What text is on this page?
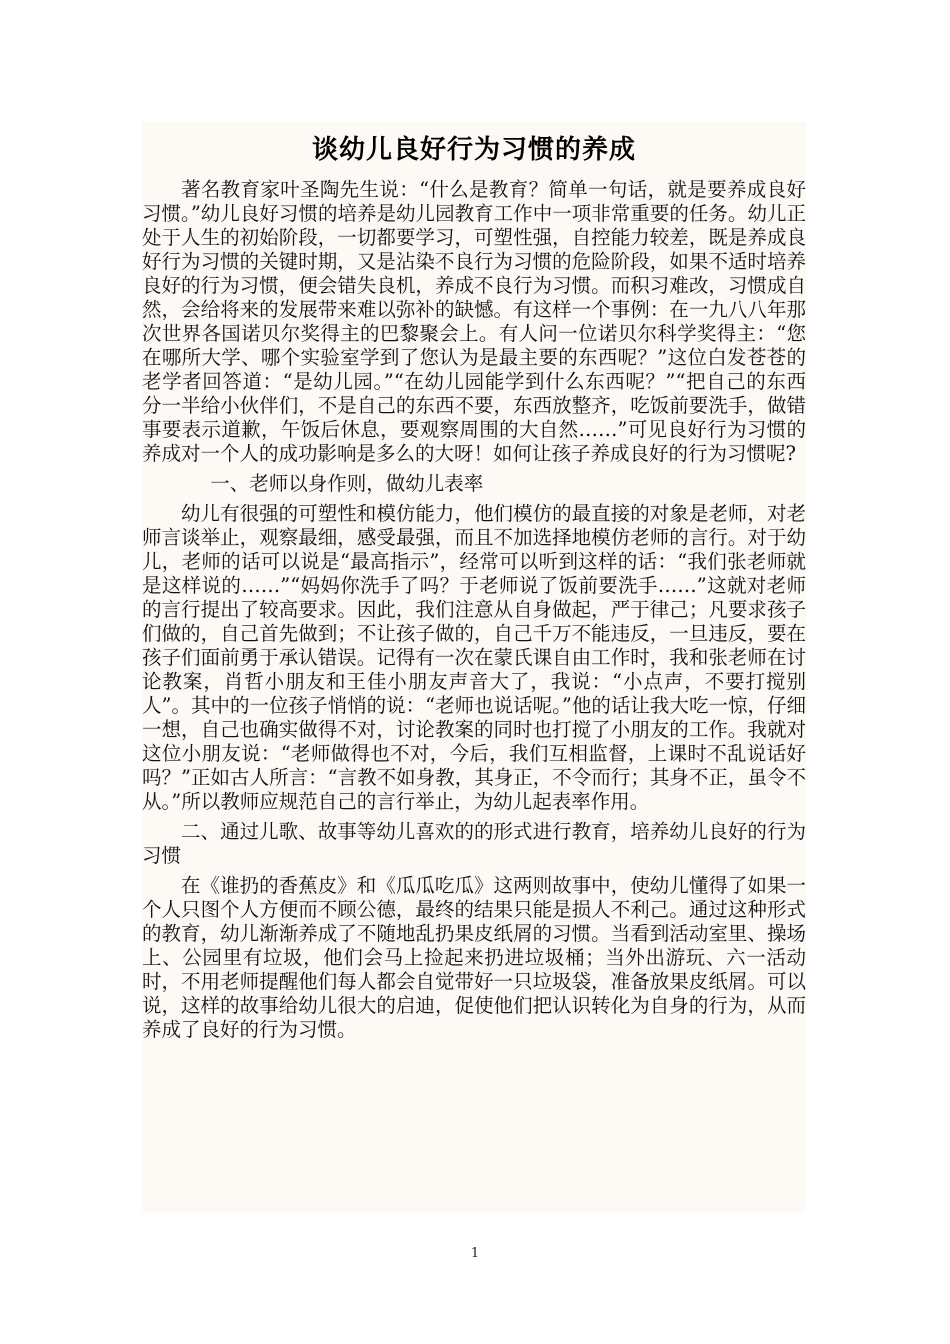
谈幼儿良好行为习惯的养成

著名教育家叶圣陶先生说：“什么是教育？简单一句话，就是要养成良好习惯。”幼儿良好习惯的培养是幼儿园教育工作中一项非常重要的任务。幼儿正处于人生的初始阶段，一切都要学习，可塑性强，自控能力较差，既是养成良好行为习惯的关键时期，又是沾染不良行为习惯的危险阶段，如果不适时培养良好的行为习惯，便会错失良机，养成不良行为习惯。而积习难改，习惯成自然，会给将来的发展带来难以弥补的缺憾。有这样一个事例：在一九八八年那次世界各国诺贝尔奖得主的巴黎聚会上。有人问一位诺贝尔科学奖得主：“您在哪所大学、哪个实验室学到了您认为是最主要的东西呢？”这位白发苍苍的老学者回答道：“是幼儿园。”“在幼儿园能学到什么东西呢？”“把自己的东西分一半给小伙伴们，不是自己的东西不要，东西放整齐，吃饭前要洗手，做错事要表示道歉，午饭后休息，要观察周围的大自然……”可见良好行为习惯的养成对一个人的成功影响是多么的大呀！如何让孩子养成良好的行为习惯呢?

一、老师以身作则，做幼儿表率

幼儿有很强的可塑性和模仿能力，他们模仿的最直接的对象是老师，对老师言谈举止，观察最细，感受最强，而且不加选择地模仿老师的言行。对于幼儿，老师的话可以说是“最高指示”，经常可以听到这样的话：“我们张老师就是这样说的……”“妈妈你洗手了吗？于老师说了饭前要洗手……”这就对老师的言行提出了较高要求。因此，我们注意从自身做起，严于律己；凡要求孩子们做的，自己首先做到；不让孩子做的，自己千万不能违反，一旦违反，要在孩子们面前勇于承认错误。记得有一次在蒙氏课自由工作时，我和张老师在讨论教案，肖哲小朋友和王佳小朋友声音大了，我说：“小点声，不要打搅别人”。其中的一位孩子悄悄的说：“老师也说话呢。”他的话让我大吃一惊，仔细一想，自己也确实做得不对，讨论教案的同时也打搅了小朋友的工作。我就对这位小朋友说：“老师做得也不对，今后，我们互相监督，上课时不乱说话好吗？”正如古人所言：“言教不如身教，其身正，不令而行；其身不正，虽令不从。”所以教师应规范自己的言行举止，为幼儿起表率作用。

二、通过儿歌、故事等幼儿喜欢的的形式进行教育，培养幼儿良好的行为习惯

在《谁扔的香蕉皮》和《瓜瓜吃瓜》这两则故事中，使幼儿懂得了如果一个人只图个人方便而不顾公德，最终的结果只能是损人不利己。通过这种形式的教育，幼儿渐渐养成了不随地乱扔果皮纸屑的习惯。当看到活动室里、操场上、公园里有垃圾，他们会马上捡起来扔进垃圾桶；当外出游玩、六一活动时，不用老师提醒他们每人都会自觉带好一只垃圾袋，准备放果皮纸屑。可以说，这样的故事给幼儿很大的启迪，促使他们把认识转化为自身的行为，从而养成了良好的行为习惯。

1
